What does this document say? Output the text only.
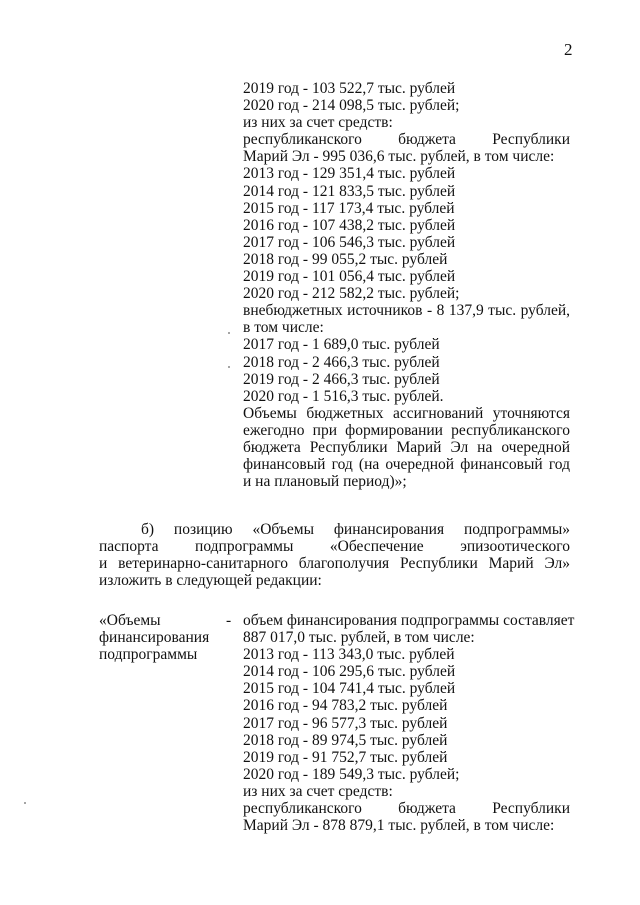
2
2019 год - 103 522,7 тыс. рублей
2020 год - 214 098,5 тыс. рублей;
из них за счет средств:
республиканского бюджета Республики
Марий Эл - 995 036,6 тыс. рублей, в том числе:
2013 год - 129 351,4 тыс. рублей
2014 год - 121 833,5 тыс. рублей
2015 год - 117 173,4 тыс. рублей
2016 год - 107 438,2 тыс. рублей
2017 год - 106 546,3 тыс. рублей
2018 год - 99 055,2 тыс. рублей
2019 год - 101 056,4 тыс. рублей
2020 год - 212 582,2 тыс. рублей;
внебюджетных источников - 8 137,9 тыс. рублей,
в том числе:
2017 год - 1 689,0 тыс. рублей
2018 год - 2 466,3 тыс. рублей
2019 год - 2 466,3 тыс. рублей
2020 год - 1 516,3 тыс. рублей.
Объемы бюджетных ассигнований уточняются
ежегодно при формировании республиканского
бюджета Республики Марий Эл на очередной
финансовый год (на очередной финансовый год
и на плановый период)»;
б) позицию «Объемы финансирования подпрограммы»
паспорта подпрограммы «Обеспечение эпизоотического
и ветеринарно-санитарного благополучия Республики Марий Эл»
изложить в следующей редакции:
«Объемы
финансирования
подпрограммы
- объем финансирования подпрограммы составляет
887 017,0 тыс. рублей, в том числе:
2013 год - 113 343,0 тыс. рублей
2014 год - 106 295,6 тыс. рублей
2015 год - 104 741,4 тыс. рублей
2016 год - 94 783,2 тыс. рублей
2017 год - 96 577,3 тыс. рублей
2018 год - 89 974,5 тыс. рублей
2019 год - 91 752,7 тыс. рублей
2020 год - 189 549,3 тыс. рублей;
из них за счет средств:
республиканского бюджета Республики
Марий Эл - 878 879,1 тыс. рублей, в том числе:
